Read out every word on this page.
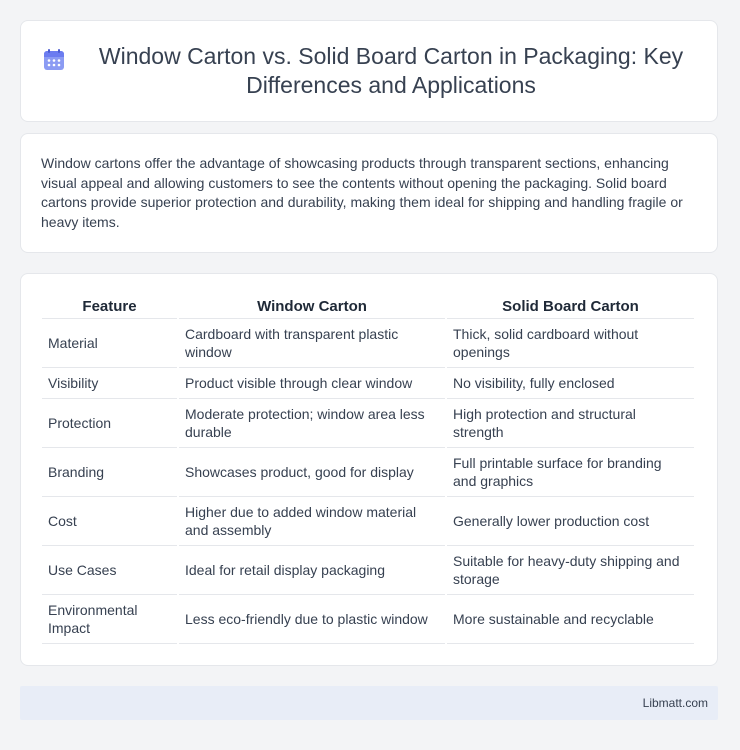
Window Carton vs. Solid Board Carton in Packaging: Key Differences and Applications

Window cartons offer the advantage of showcasing products through transparent sections, enhancing visual appeal and allowing customers to see the contents without opening the packaging. Solid board cartons provide superior protection and durability, making them ideal for shipping and handling fragile or heavy items.

Feature	Window Carton	Solid Board Carton
Material	Cardboard with transparent plastic window	Thick, solid cardboard without openings
Visibility	Product visible through clear window	No visibility, fully enclosed
Protection	Moderate protection; window area less durable	High protection and structural strength
Branding	Showcases product, good for display	Full printable surface for branding and graphics
Cost	Higher due to added window material and assembly	Generally lower production cost
Use Cases	Ideal for retail display packaging	Suitable for heavy-duty shipping and storage
Environmental Impact	Less eco-friendly due to plastic window	More sustainable and recyclable
Libmatt.com
